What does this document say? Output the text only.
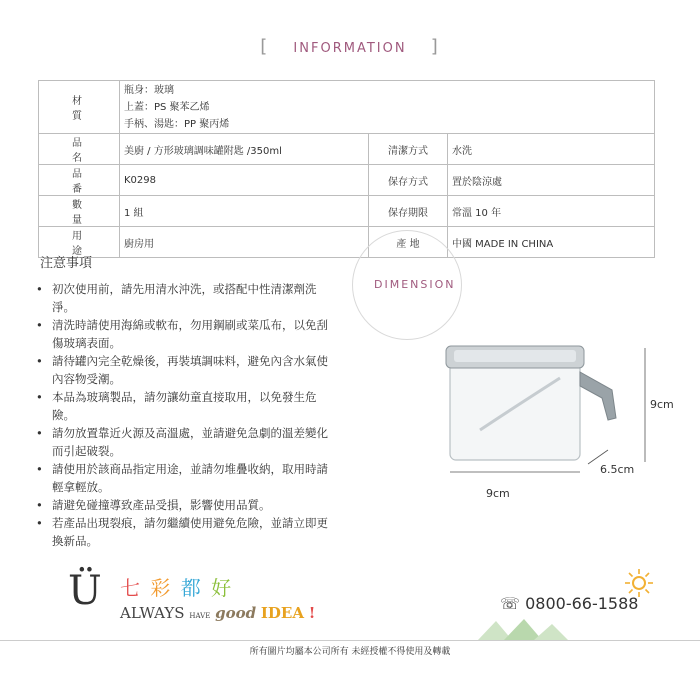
[ INFORMATION ]
材 質	瓶身：玻璃
上蓋：PS 聚苯乙烯
手柄、湯匙：PP 聚丙烯		

品 名	美廚 / 方形玻璃調味罐附匙 /350ml	清潔方式	水洗
品 番	K0298	保存方式	置於陰涼處
數 量	1 組	保存期限	常溫 10 年
用 途	廚房用	產 地	中國 MADE IN CHINA
注意事項
• 初次使用前，請先用清水沖洗，或搭配中性清潔劑洗淨。
• 清洗時請使用海綿或軟布，勿用鋼刷或菜瓜布，以免刮傷玻璃表面。
• 請待罐內完全乾燥後，再裝填調味料，避免內含水氣使內容物受潮。
• 本品為玻璃製品，請勿讓幼童直接取用，以免發生危險。
• 請勿放置靠近火源及高溫處，並請避免急劇的溫差變化而引起破裂。
• 請使用於該商品指定用途，並請勿堆疊收納，取用時請輕拿輕放。
• 請避免碰撞導致產品受損，影響使用品質。
• 若產品出現裂痕，請勿繼續使用避免危險，並請立即更換新品。
DIMENSION
9cm
6.5cm
9cm
Ü 七 彩 都 好
ALWAYS HAVE good IDEA !	☏ 0800-66-1588
所有圖片均屬本公司所有 未經授權不得使用及轉載
